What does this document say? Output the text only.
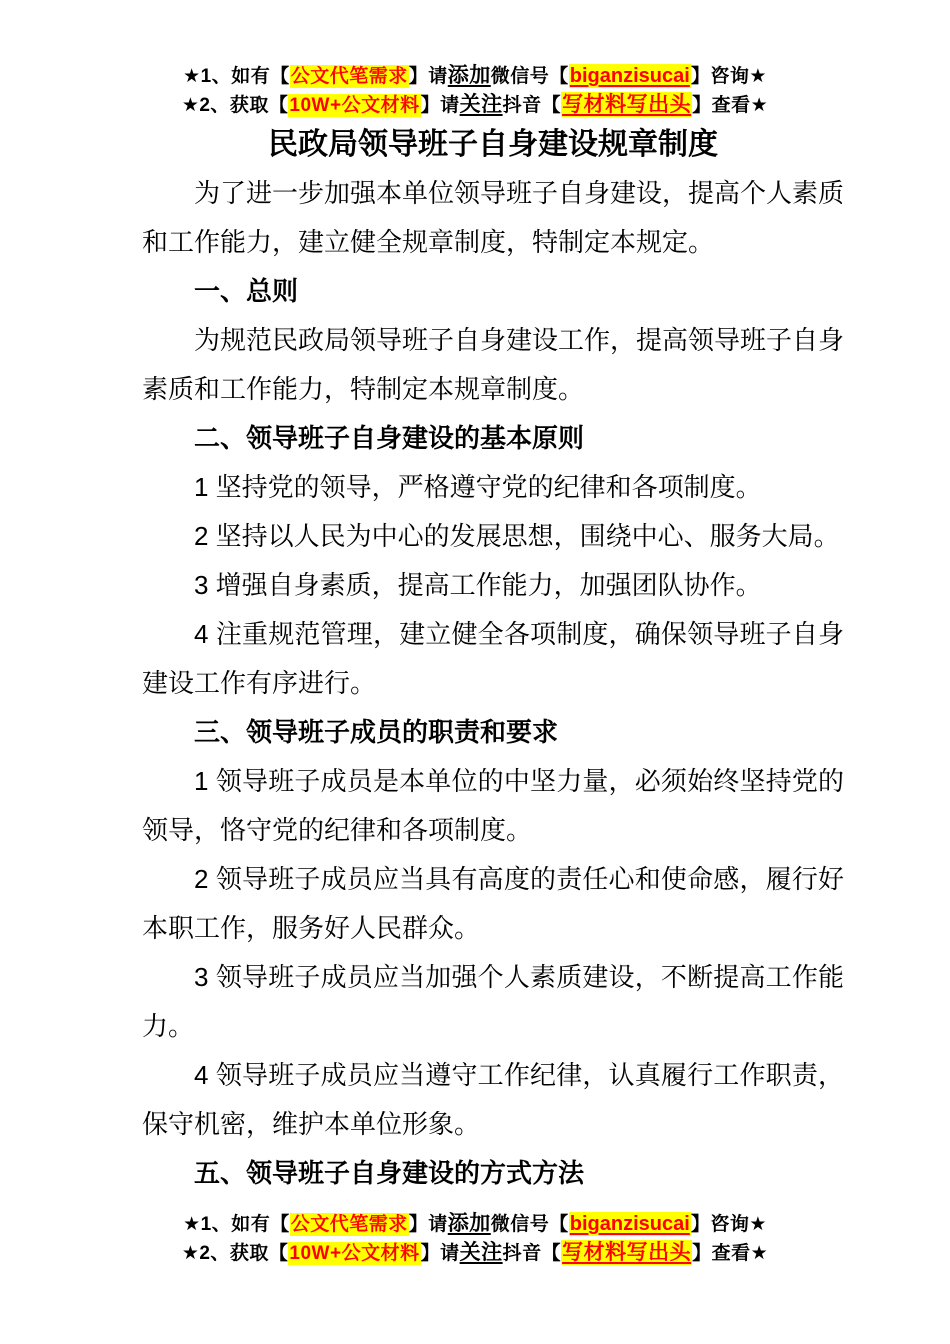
★1、如有【公文代笔需求】请添加微信号【biganzisucai】咨询★
★2、获取【10W+公文材料】请关注抖音【写材料写出头】查看★
民政局领导班子自身建设规章制度

为了进一步加强本单位领导班子自身建设，提高个人素质和工作能力，建立健全规章制度，特制定本规定。

一、总则

为规范民政局领导班子自身建设工作，提高领导班子自身素质和工作能力，特制定本规章制度。

二、领导班子自身建设的基本原则

1 坚持党的领导，严格遵守党的纪律和各项制度。

2 坚持以人民为中心的发展思想，围绕中心、服务大局。

3 增强自身素质，提高工作能力，加强团队协作。

4 注重规范管理，建立健全各项制度，确保领导班子自身建设工作有序进行。

三、领导班子成员的职责和要求

1 领导班子成员是本单位的中坚力量，必须始终坚持党的领导，恪守党的纪律和各项制度。

2 领导班子成员应当具有高度的责任心和使命感，履行好本职工作，服务好人民群众。

3 领导班子成员应当加强个人素质建设，不断提高工作能力。

4 领导班子成员应当遵守工作纪律，认真履行工作职责，保守机密，维护本单位形象。

五、领导班子自身建设的方式方法

★1、如有【公文代笔需求】请添加微信号【biganzisucai】咨询★
★2、获取【10W+公文材料】请关注抖音【写材料写出头】查看★
